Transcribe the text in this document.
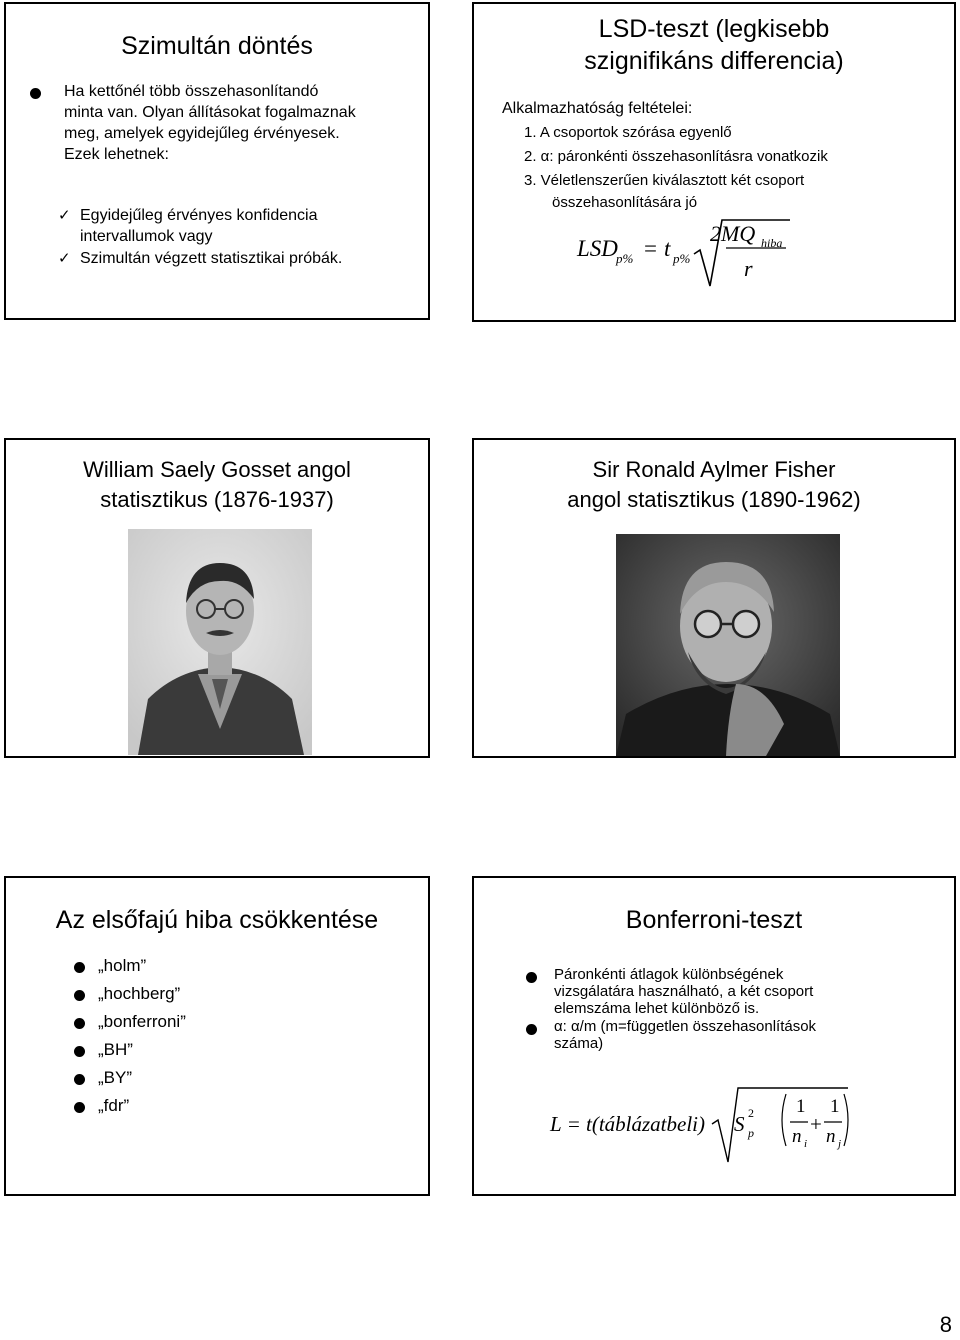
Szimultán döntés
Ha kettőnél több összehasonlítandó
minta van. Olyan állításokat fogalmaznak
meg, amelyek egyidejűleg érvényesek.
Ezek lehetnek:
✓ Egyidejűleg érvényes konfidencia
intervallumok vagy
✓ Szimultán végzett statisztikai próbák.
LSD-teszt (legkisebb
szignifikáns differencia)
Alkalmazhatóság feltételei:
1. A csoportok szórása egyenlő
2. α: páronkénti összehasonlításra vonatkozik
3. Véletlenszerűen kiválasztott két csoport
összehasonlítására jó
LSD
p% = t p%
2MQ hiba
r
William Saely Gosset angol
statisztikus (1876-1937)
Sir Ronald Aylmer Fisher
angol statisztikus (1890-1962)
Az elsőfajú hiba csökkentése
„holm”
„hochberg”
„bonferroni”
„BH”
„BY”
„fdr”
Bonferroni-teszt
Páronkénti átlagok különbségének
vizsgálatára használható, a két csoport
elemszáma lehet különböző is.
α: α/m (m=független összehasonlítások
száma)
L = t(táblázatbeli) S 2
p
1
+
1
n i n j
8
